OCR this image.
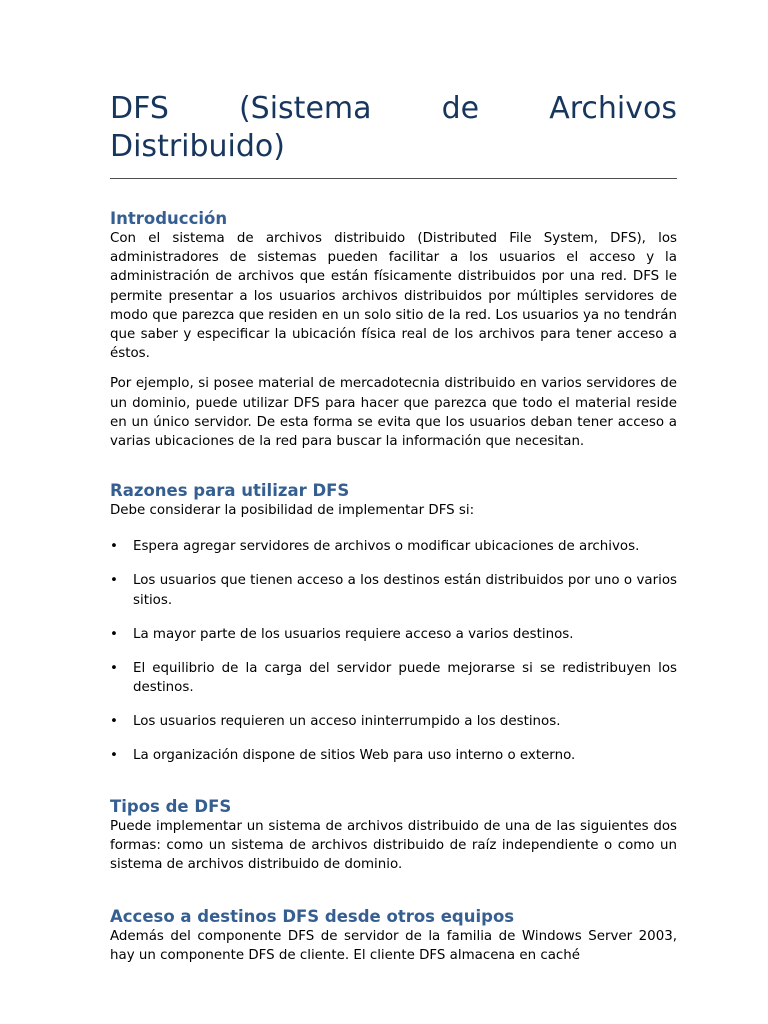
DFS (Sistema de Archivos Distribuido)
Introducción

Con el sistema de archivos distribuido (Distributed File System, DFS), los administradores de sistemas pueden facilitar a los usuarios el acceso y la administración de archivos que están físicamente distribuidos por una red. DFS le permite presentar a los usuarios archivos distribuidos por múltiples servidores de modo que parezca que residen en un solo sitio de la red. Los usuarios ya no tendrán que saber y especificar la ubicación física real de los archivos para tener acceso a éstos.

Por ejemplo, si posee material de mercadotecnia distribuido en varios servidores de un dominio, puede utilizar DFS para hacer que parezca que todo el material reside en un único servidor. De esta forma se evita que los usuarios deban tener acceso a varias ubicaciones de la red para buscar la información que necesitan.

Razones para utilizar DFS

Debe considerar la posibilidad de implementar DFS si:

• Espera agregar servidores de archivos o modificar ubicaciones de archivos.
• Los usuarios que tienen acceso a los destinos están distribuidos por uno o varios sitios.
• La mayor parte de los usuarios requiere acceso a varios destinos.
• El equilibrio de la carga del servidor puede mejorarse si se redistribuyen los destinos.
• Los usuarios requieren un acceso ininterrumpido a los destinos.
• La organización dispone de sitios Web para uso interno o externo.
Tipos de DFS

Puede implementar un sistema de archivos distribuido de una de las siguientes dos formas: como un sistema de archivos distribuido de raíz independiente o como un sistema de archivos distribuido de dominio.

Acceso a destinos DFS desde otros equipos

Además del componente DFS de servidor de la familia de Windows Server 2003, hay un componente DFS de cliente. El cliente DFS almacena en caché
